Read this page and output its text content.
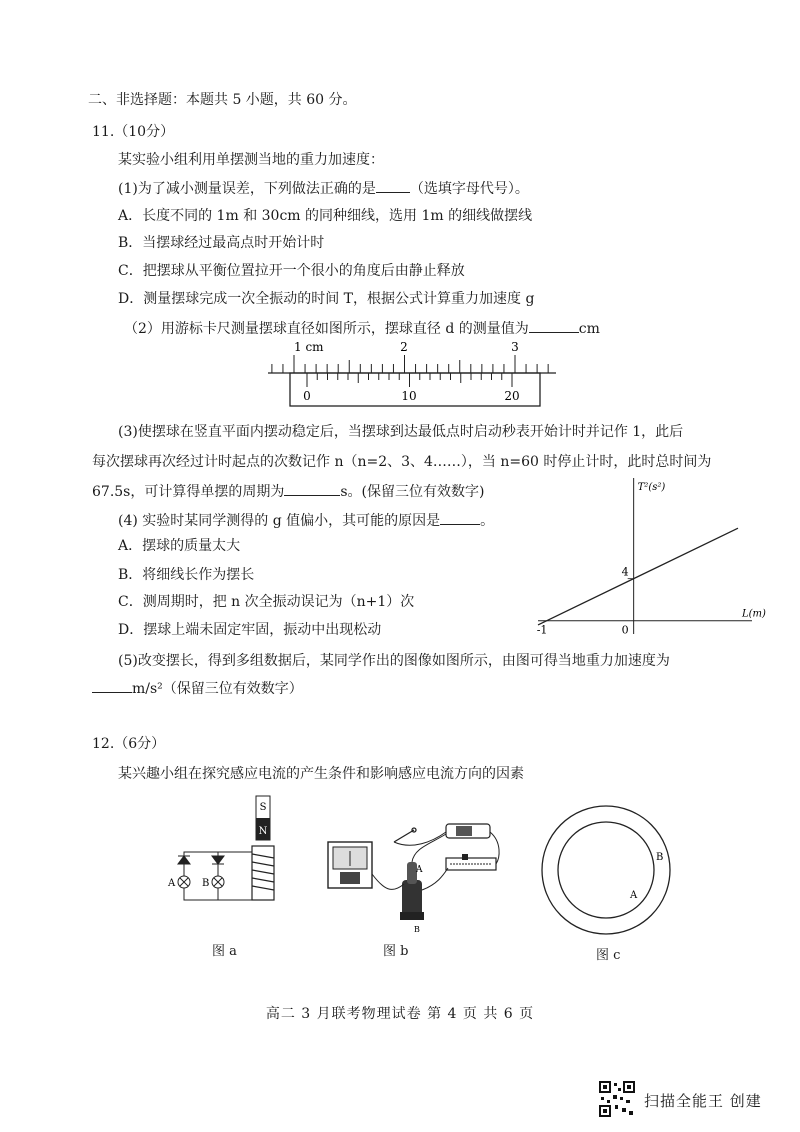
二、非选择题：本题共 5 小题，共 60 分。
11.（10分）
某实验小组利用单摆测当地的重力加速度：
(1)为了减小测量误差，下列做法正确的是 （选填字母代号）。
A．长度不同的 1m 和 30cm 的同种细线，选用 1m 的细线做摆线
B．当摆球经过最高点时开始计时
C．把摆球从平衡位置拉开一个很小的角度后由静止释放
D．测量摆球完成一次全振动的时间 T，根据公式计算重力加速度 g
（2）用游标卡尺测量摆球直径如图所示，摆球直径 d 的测量值为	cm
1 cm	2	3
0	10	20
(3)使摆球在竖直平面内摆动稳定后，当摆球到达最低点时启动秒表开始计时并记作 1，此后
每次摆球再次经过计时起点的次数记作 n（n=2、3、4……），当 n=60 时停止计时，此时总时间为
67.5s，可计算得单摆的周期为	s。(保留三位有效数字)
(4) 实验时某同学测得的 g 值偏小，其可能的原因是	。
A．摆球的质量太大
B．将细线长作为摆长
C．测周期时，把 n 次全振动误记为（n+1）次
D．摆球上端未固定牢固，振动中出现松动	-1	0
4
L(m)
T²(s²)
(5)改变摆长，得到多组数据后，某同学作出的图像如图所示，由图可得当地重力加速度为
m/s²（保留三位有效数字）
12.（6分）
某兴趣小组在探究感应电流的产生条件和影响感应电流方向的因素
S
N
A	B
图 a
A
B
图 b
B
A
图 c
高二 3 月联考物理试卷 第 4 页 共 6 页
扫描全能王 创建
